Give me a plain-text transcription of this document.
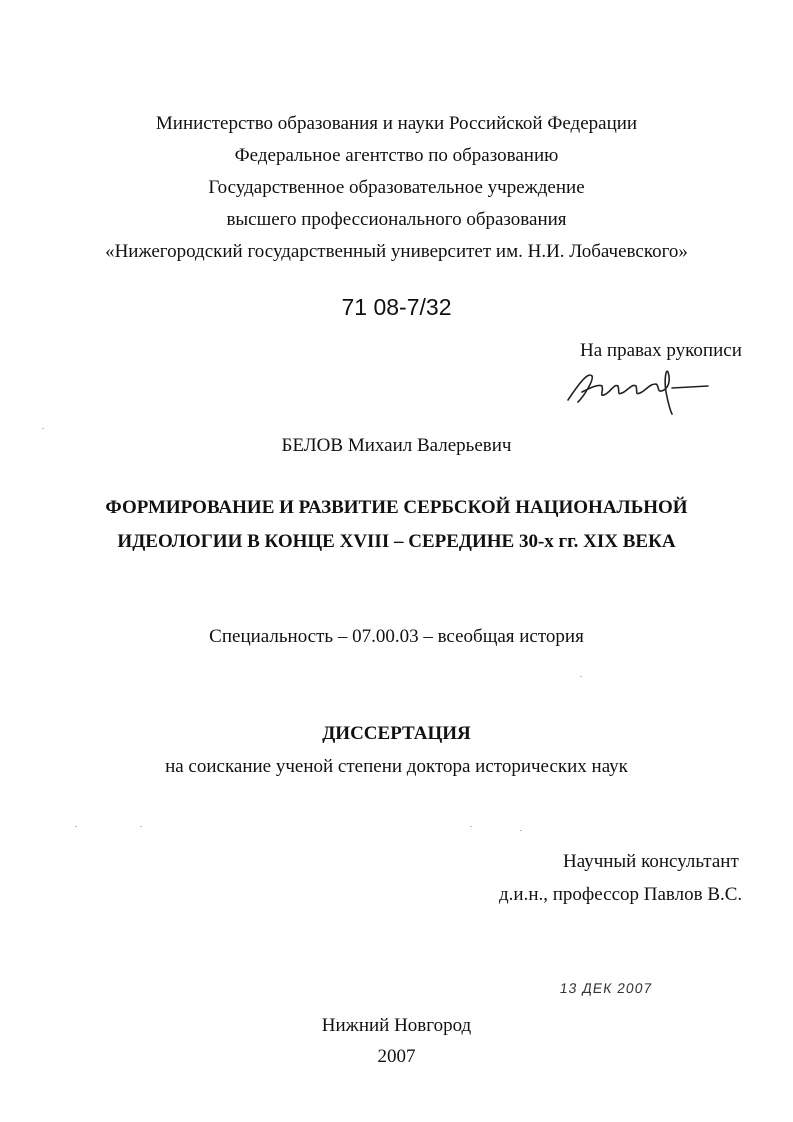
Министерство образования и науки Российской Федерации
Федеральное агентство по образованию
Государственное образовательное учреждение
высшего профессионального образования
«Нижегородский государственный университет им. Н.И. Лобачевского»
71 08-7/32
На правах рукописи
БЕЛОВ Михаил Валерьевич
ФОРМИРОВАНИЕ И РАЗВИТИЕ СЕРБСКОЙ НАЦИОНАЛЬНОЙ
ИДЕОЛОГИИ В КОНЦЕ XVIII – СЕРЕДИНЕ 30-х гг. XIX ВЕКА
Специальность – 07.00.03 – всеобщая история
ДИССЕРТАЦИЯ
на соискание ученой степени доктора исторических наук
Научный консультант
д.и.н., профессор Павлов В.С.
13 ДЕК 2007
Нижний Новгород
2007
